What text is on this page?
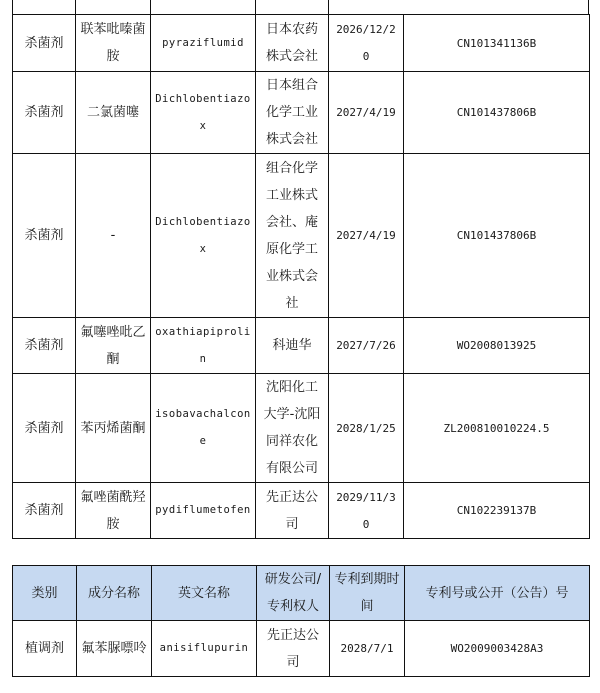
杀菌剂	联苯吡嗪菌胺	pyraziflumid	日本农药株式会社	2026/12/20	CN101341136B
杀菌剂	二氯菌噻	Dichlobentiazox	日本组合化学工业株式会社	2027/4/19	CN101437806B
杀菌剂	-	Dichlobentiazox	组合化学工业株式会社、庵原化学工业株式会社	2027/4/19	CN101437806B
杀菌剂	氟噻唑吡乙酮	oxathiapiprolin	科迪华	2027/7/26	WO2008013925
杀菌剂	苯丙烯菌酮	isobavachalcone	沈阳化工大学-沈阳同祥农化有限公司	2028/1/25	ZL200810010224.5
杀菌剂	氟唑菌酰羟胺	pydiflumetofen	先正达公司	2029/11/30	CN102239137B
类别	成分名称	英文名称	研发公司/专利权人	专利到期时间	专利号或公开（公告）号
植调剂	氟苯脲嘌呤	anisiflupurin	先正达公司	2028/7/1	WO2009003428A3
